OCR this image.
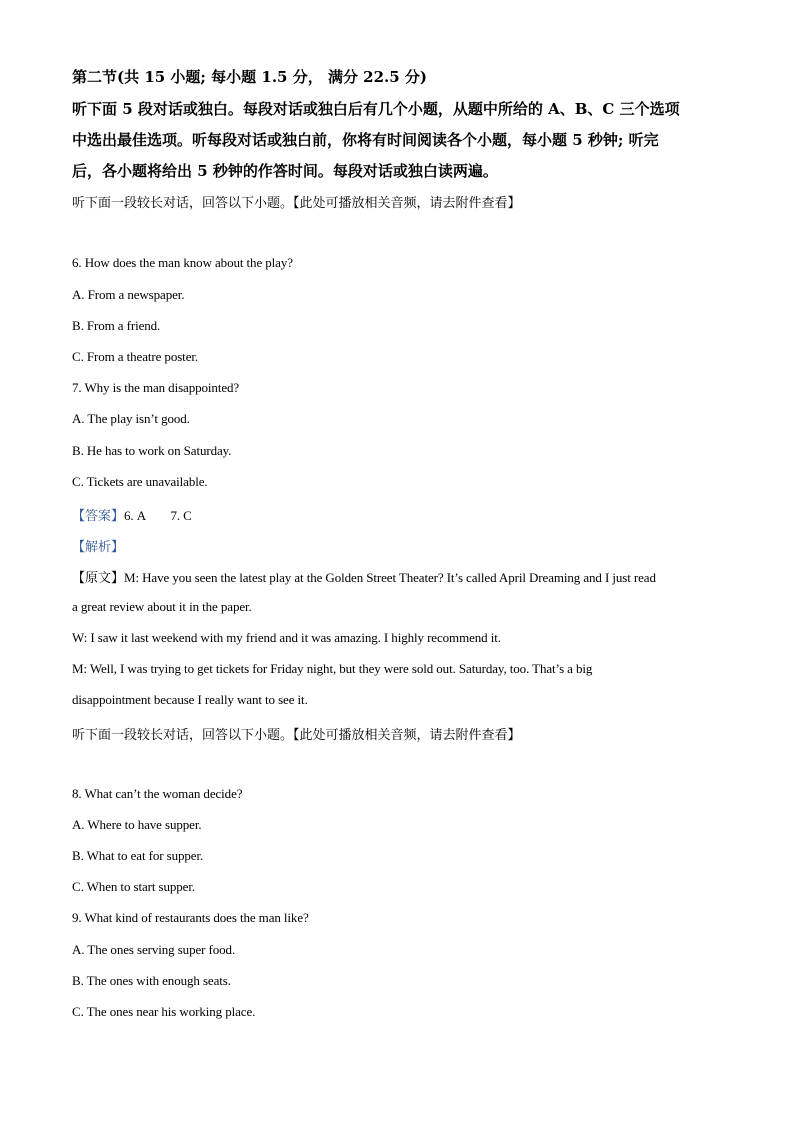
第二节(共 15 小题; 每小题 1.5 分， 满分 22.5 分)
听下面 5 段对话或独白。每段对话或独白后有几个小题，从题中所给的 A、B、C 三个选项
中选出最佳选项。听每段对话或独白前，你将有时间阅读各个小题，每小题 5 秒钟; 听完
后，各小题将给出 5 秒钟的作答时间。每段对话或独白读两遍。
听下面一段较长对话，回答以下小题。【此处可播放相关音频，请去附件查看】
6. How does the man know about the play?
A. From a newspaper.
B. From a friend.
C. From a theatre poster.
7. Why is the man disappointed?
A. The play isn’t good.
B. He has to work on Saturday.
C. Tickets are unavailable.
【答案】6. A        7. C
【解析】
【原文】M: Have you seen the latest play at the Golden Street Theater? It’s called April Dreaming and I just read
a great review about it in the paper.
W: I saw it last weekend with my friend and it was amazing. I highly recommend it.
M: Well, I was trying to get tickets for Friday night, but they were sold out. Saturday, too. That’s a big
disappointment because I really want to see it.
听下面一段较长对话，回答以下小题。【此处可播放相关音频，请去附件查看】
8. What can’t the woman decide?
A. Where to have supper.
B. What to eat for supper.
C. When to start supper.
9. What kind of restaurants does the man like?
A. The ones serving super food.
B. The ones with enough seats.
C. The ones near his working place.
